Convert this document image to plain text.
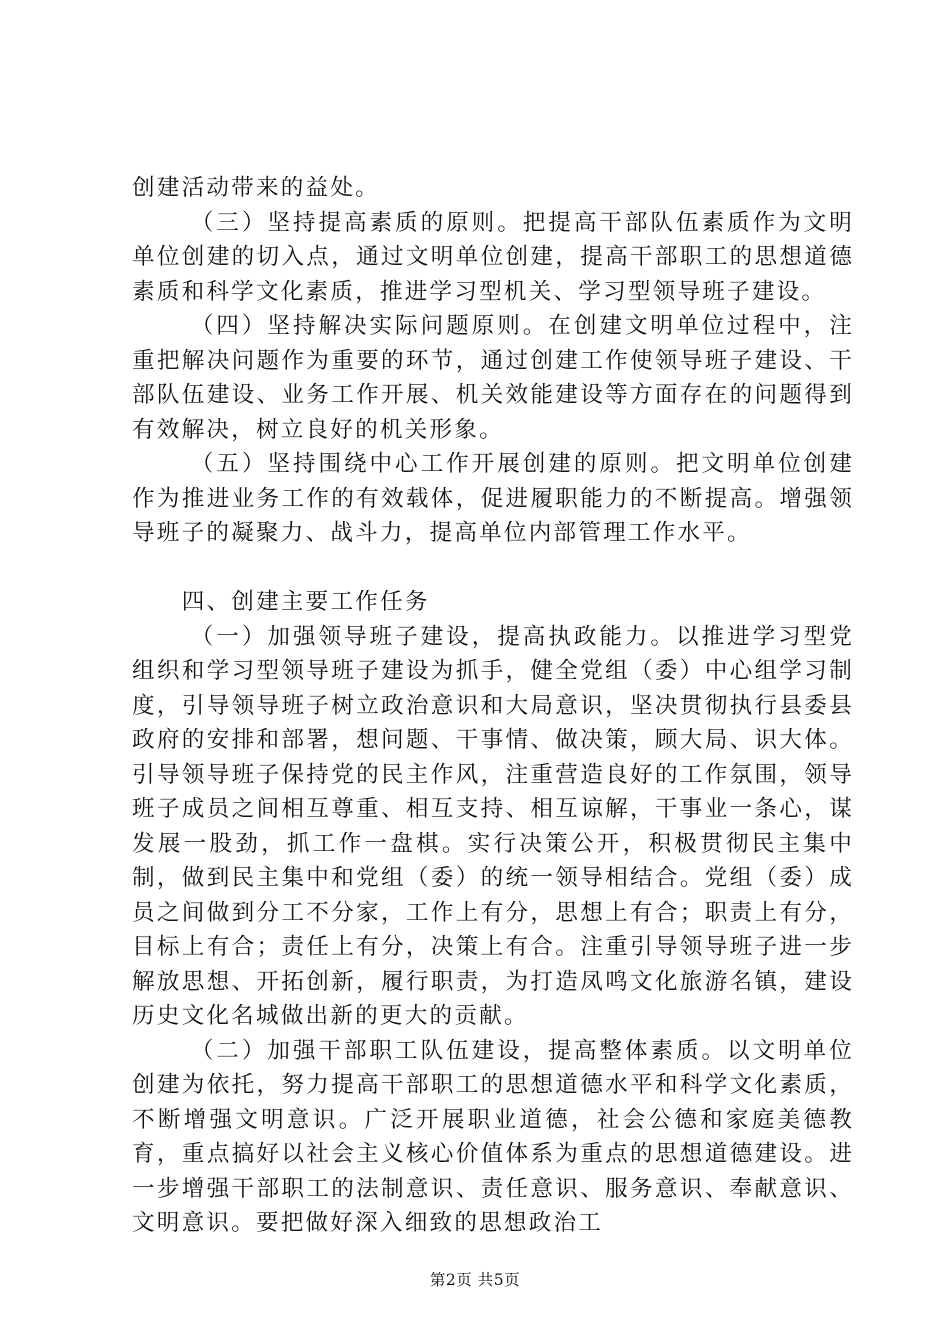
创建活动带来的益处。

（三）坚持提高素质的原则。把提高干部队伍素质作为文明单位创建的切入点，通过文明单位创建，提高干部职工的思想道德素质和科学文化素质，推进学习型机关、学习型领导班子建设。

（四）坚持解决实际问题原则。在创建文明单位过程中，注重把解决问题作为重要的环节，通过创建工作使领导班子建设、干部队伍建设、业务工作开展、机关效能建设等方面存在的问题得到有效解决，树立良好的机关形象。

（五）坚持围绕中心工作开展创建的原则。把文明单位创建作为推进业务工作的有效载体，促进履职能力的不断提高。增强领导班子的凝聚力、战斗力，提高单位内部管理工作水平。

四、创建主要工作任务

（一）加强领导班子建设，提高执政能力。以推进学习型党组织和学习型领导班子建设为抓手，健全党组（委）中心组学习制度，引导领导班子树立政治意识和大局意识，坚决贯彻执行县委县政府的安排和部署，想问题、干事情、做决策，顾大局、识大体。引导领导班子保持党的民主作风，注重营造良好的工作氛围，领导班子成员之间相互尊重、相互支持、相互谅解，干事业一条心，谋发展一股劲，抓工作一盘棋。实行决策公开，积极贯彻民主集中制，做到民主集中和党组（委）的统一领导相结合。党组（委）成员之间做到分工不分家，工作上有分，思想上有合；职责上有分，目标上有合；责任上有分，决策上有合。注重引导领导班子进一步解放思想、开拓创新，履行职责，为打造凤鸣文化旅游名镇，建设历史文化名城做出新的更大的贡献。

（二）加强干部职工队伍建设，提高整体素质。以文明单位创建为依托，努力提高干部职工的思想道德水平和科学文化素质，不断增强文明意识。广泛开展职业道德，社会公德和家庭美德教育，重点搞好以社会主义核心价值体系为重点的思想道德建设。进一步增强干部职工的法制意识、责任意识、服务意识、奉献意识、文明意识。要把做好深入细致的思想政治工

第2页 共5页
